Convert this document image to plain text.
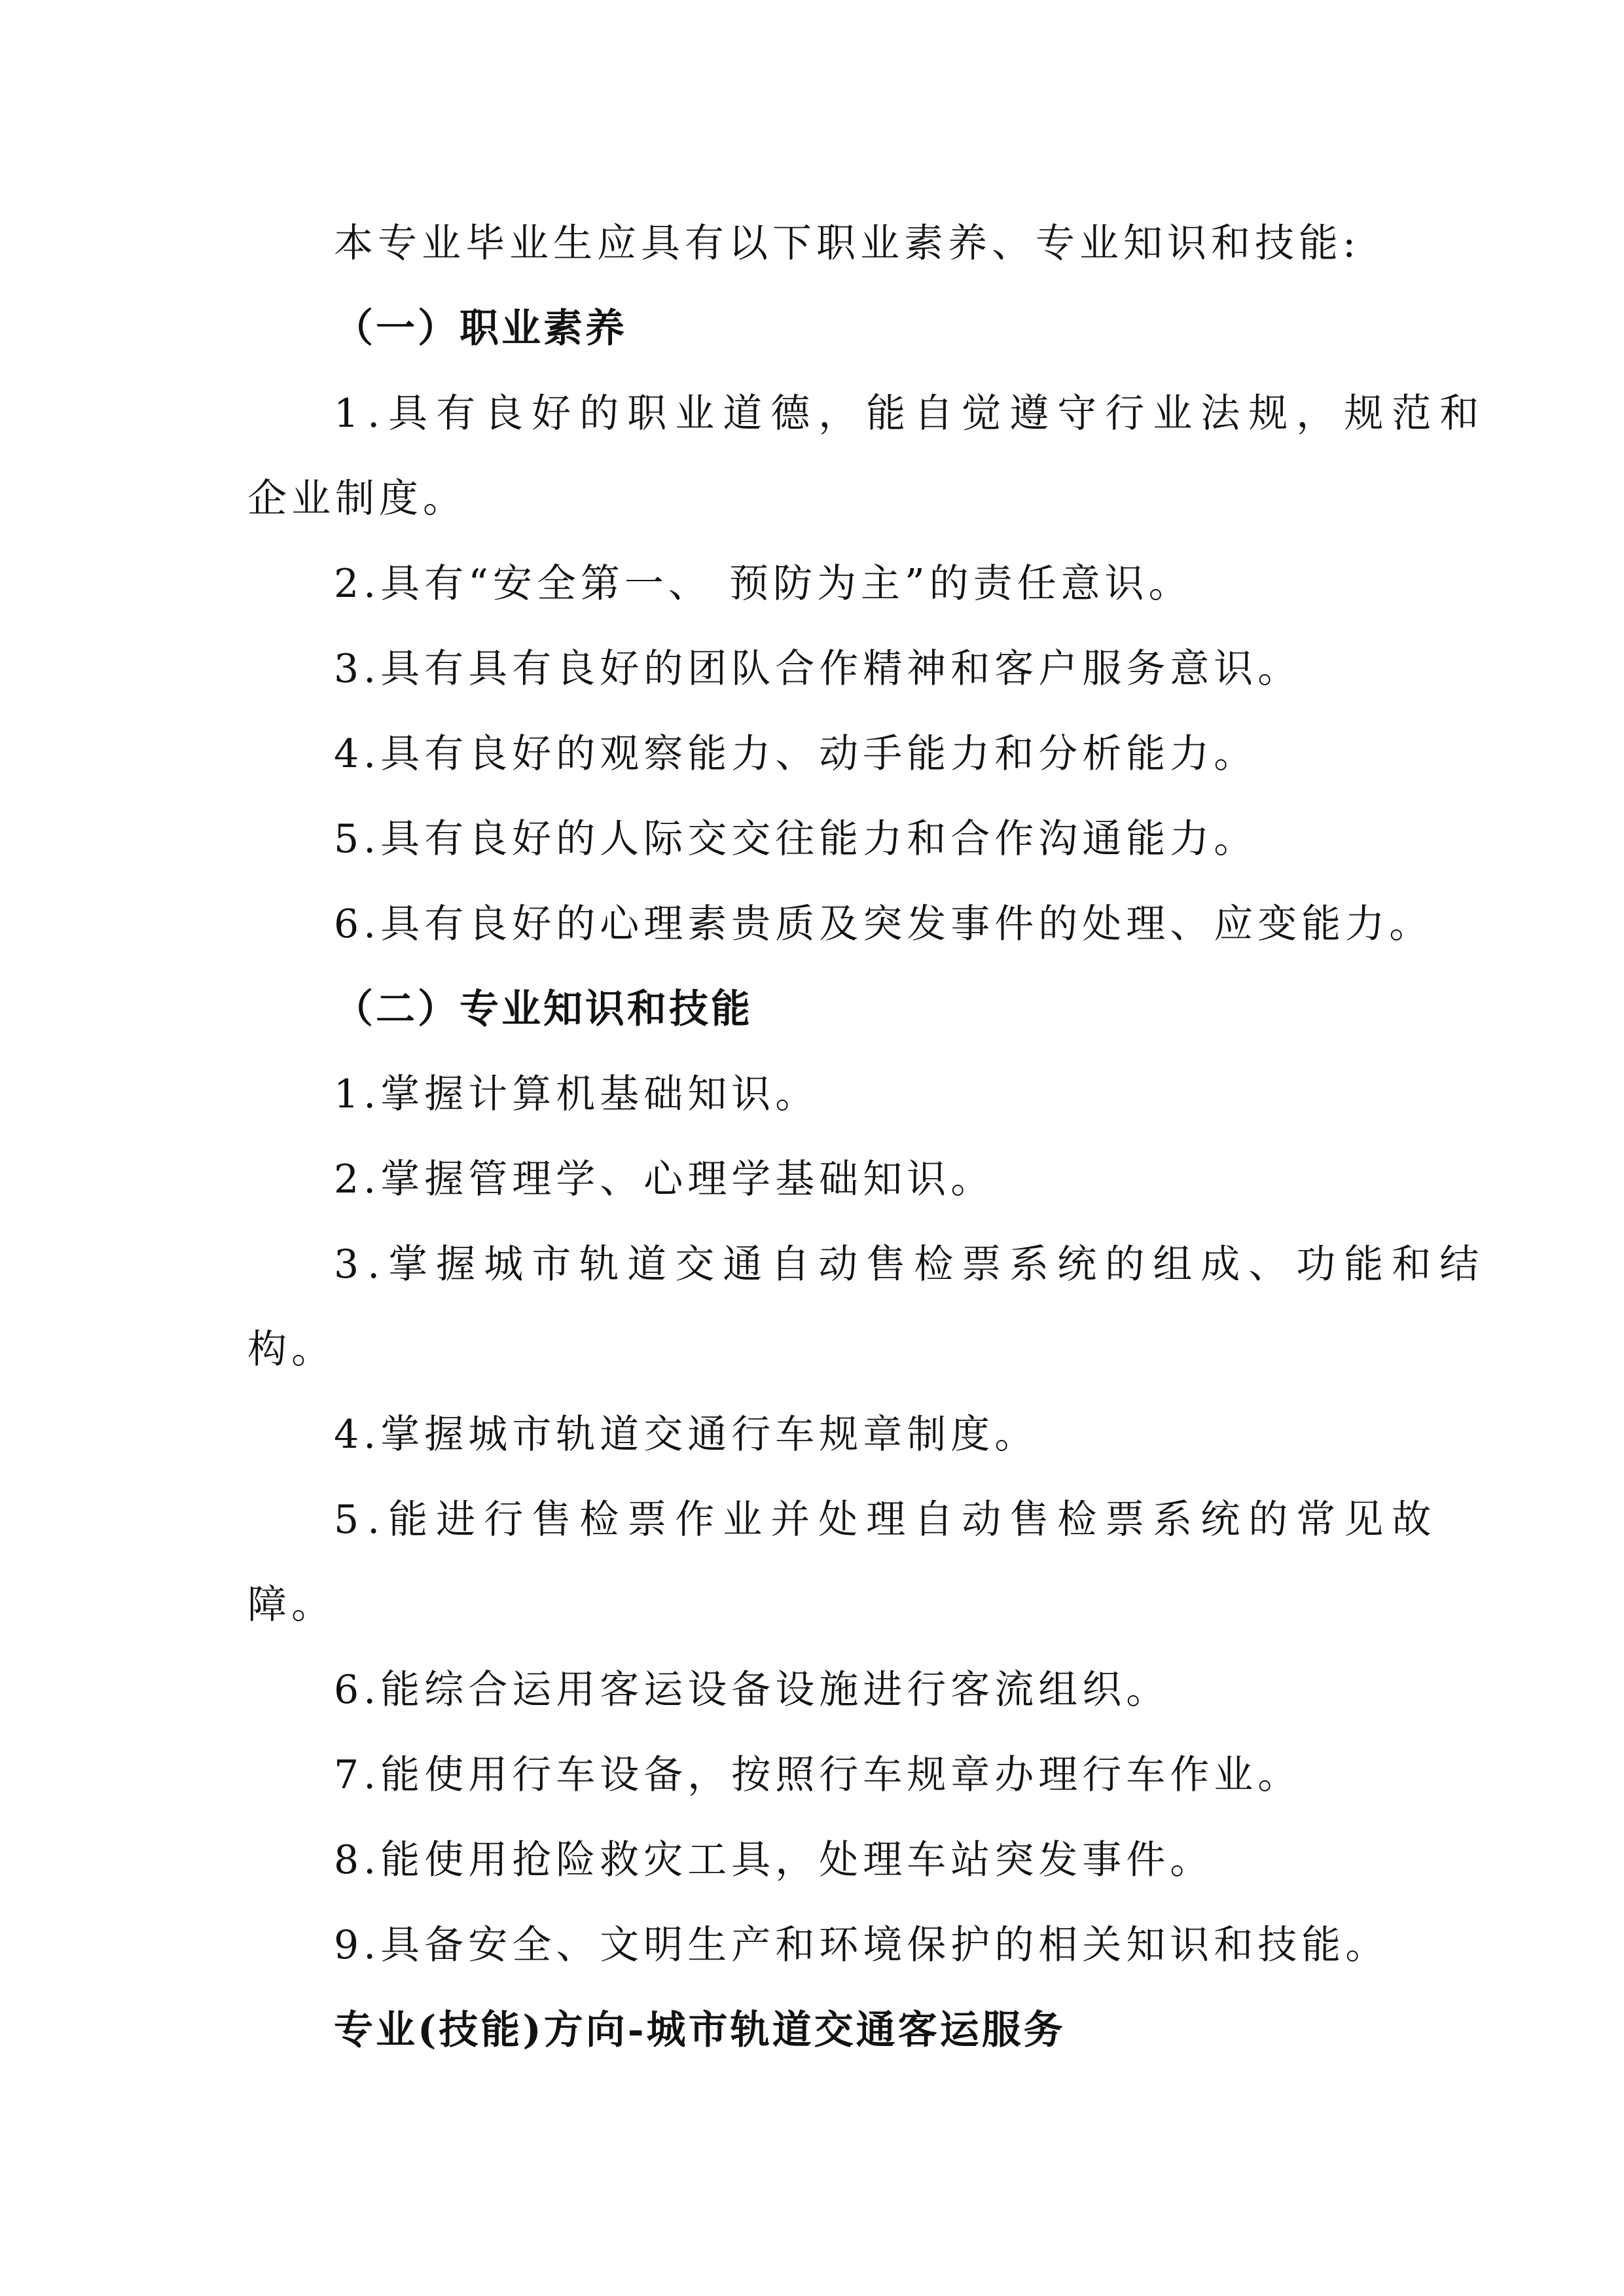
本专业毕业生应具有以下职业素养、专业知识和技能:
（一）职业素养
1.具有良好的职业道德，能自觉遵守行业法规，规范和
企业制度。
2.具有“安全第一、 预防为主”的责任意识。
3.具有具有良好的团队合作精神和客户服务意识。
4.具有良好的观察能力、动手能力和分析能力。
5.具有良好的人际交交往能力和合作沟通能力。
6.具有良好的心理素贵质及突发事件的处理、应变能力。
（二）专业知识和技能
1.掌握计算机基础知识。
2.掌握管理学、心理学基础知识。
3.掌握城市轨道交通自动售检票系统的组成、功能和结
构。
4.掌握城市轨道交通行车规章制度。
5.能进行售检票作业并处理自动售检票系统的常见故
障。
6.能综合运用客运设备设施进行客流组织。
7.能使用行车设备，按照行车规章办理行车作业。
8.能使用抢险救灾工具，处理车站突发事件。
9.具备安全、文明生产和环境保护的相关知识和技能。
专业(技能)方向-城市轨道交通客运服务
